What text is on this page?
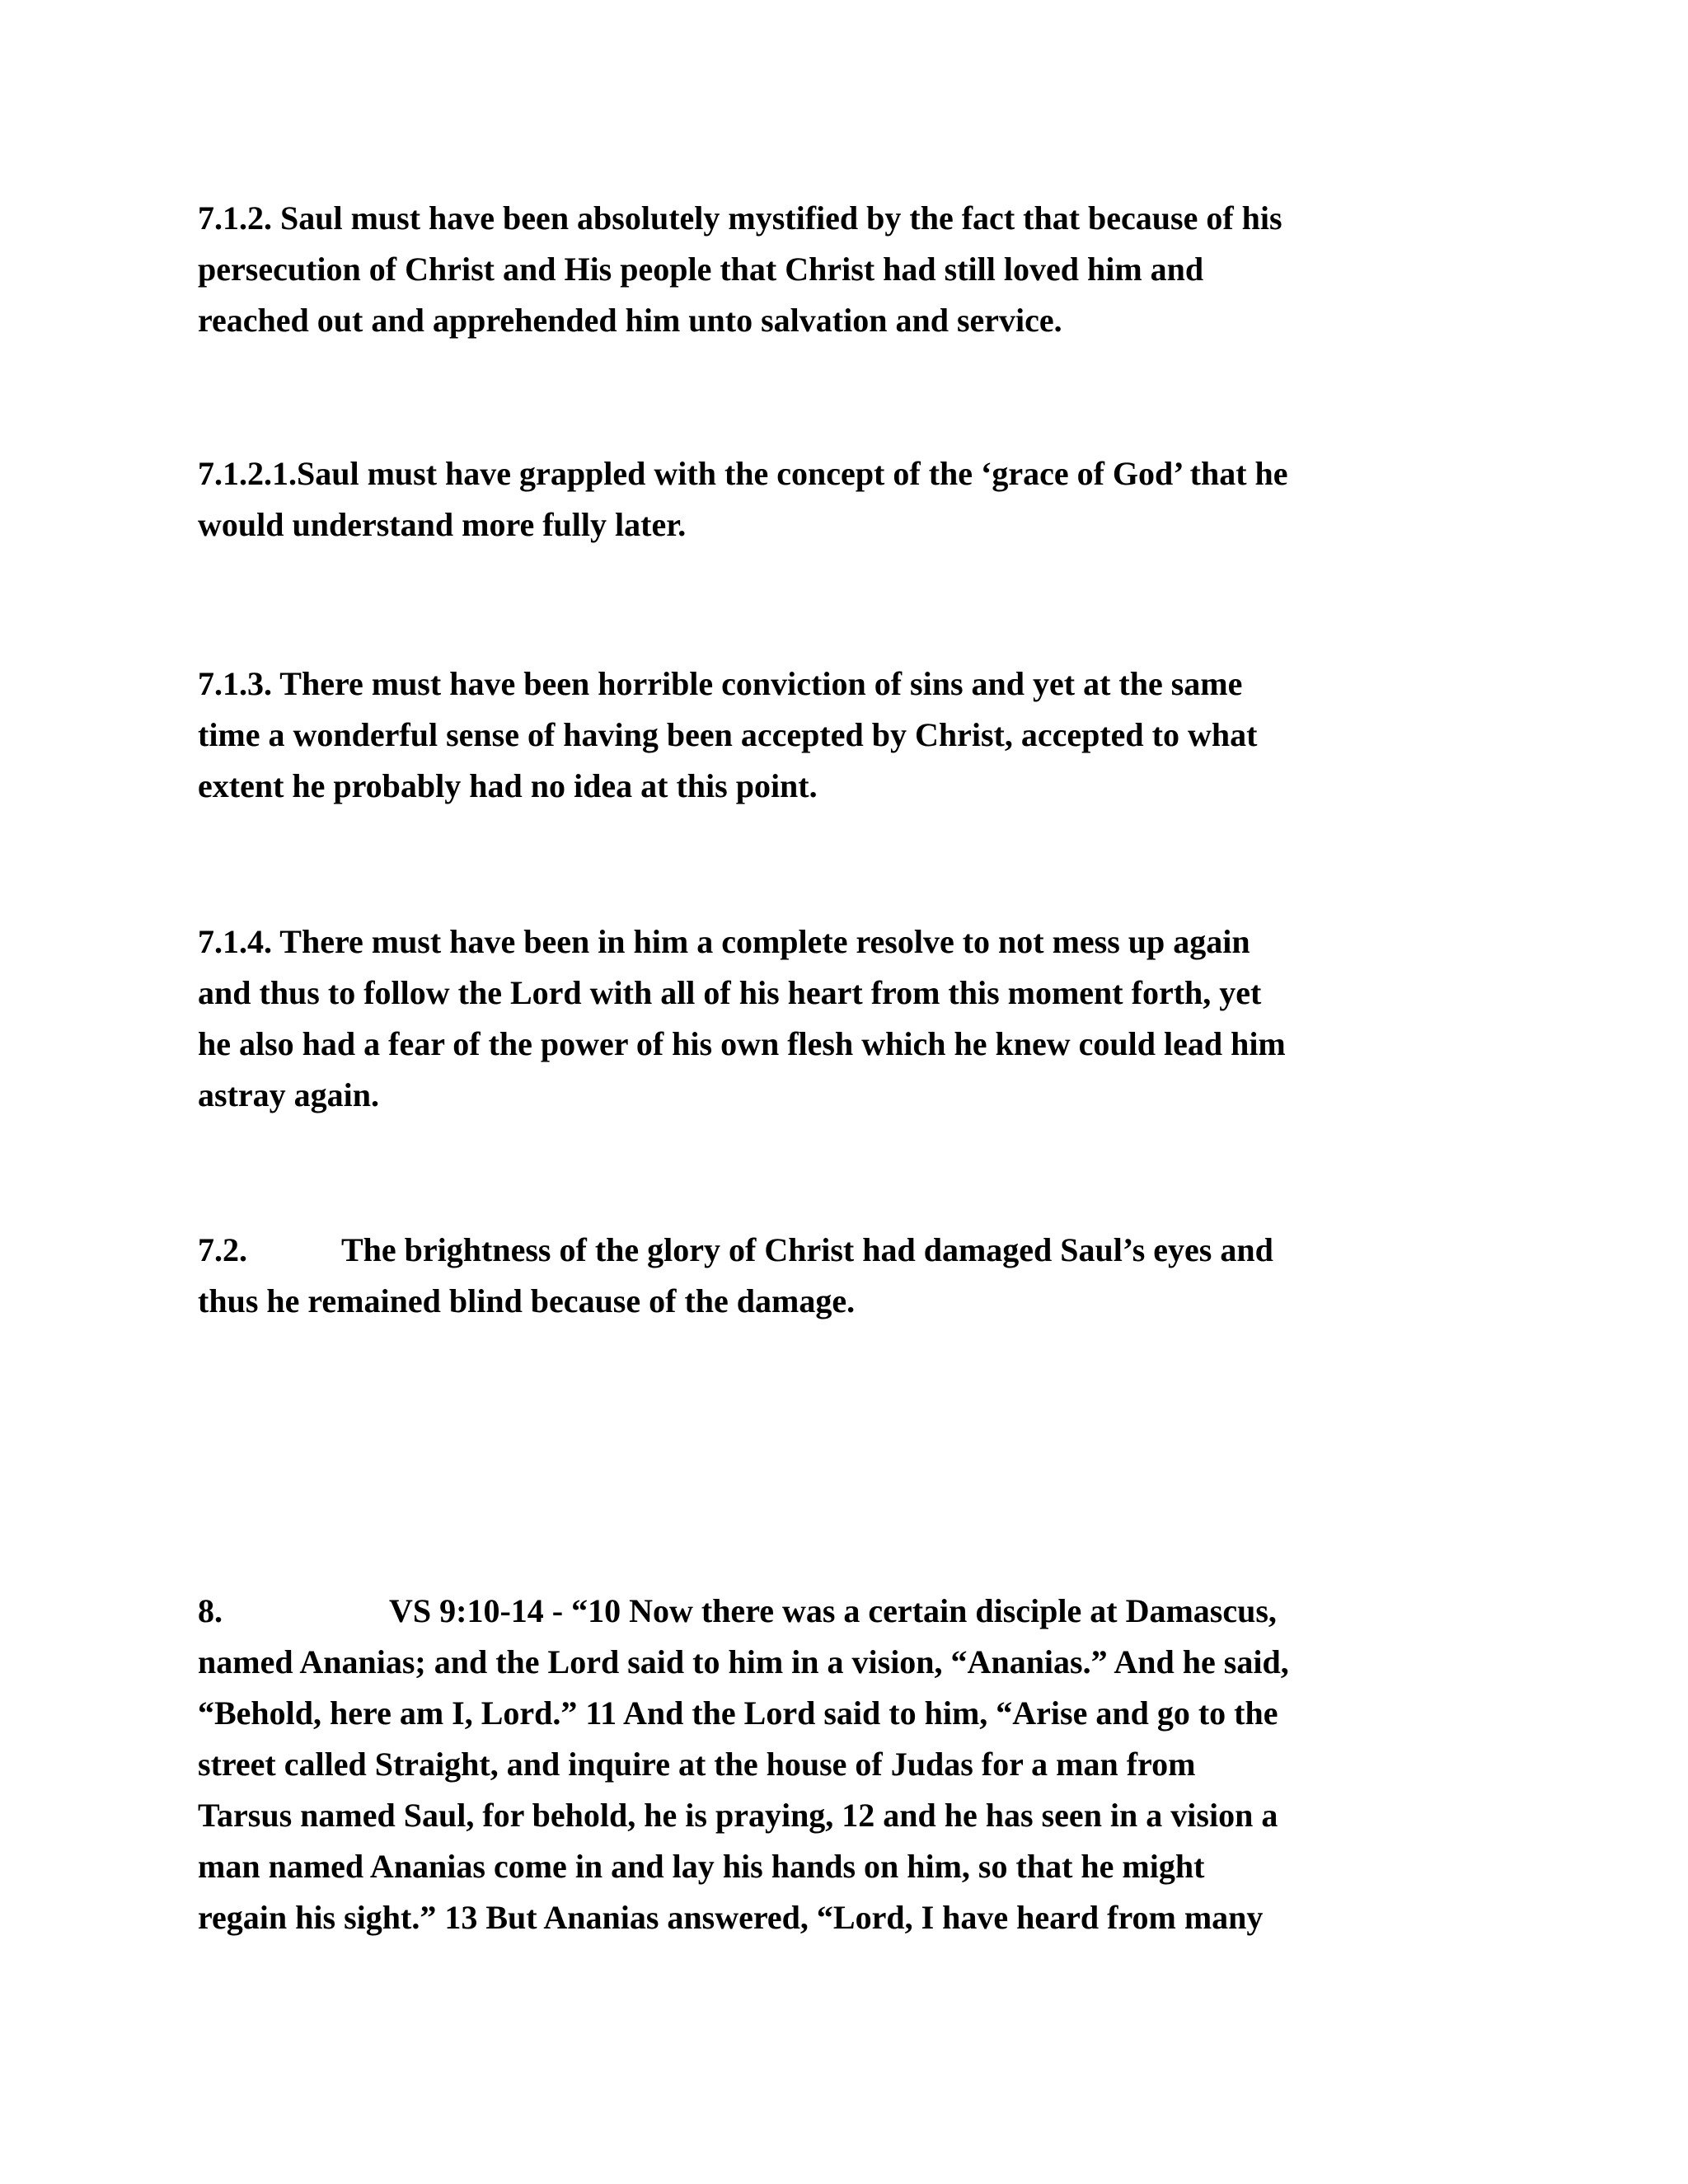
7.1.2. Saul must have been absolutely mystified by the fact that because of his
persecution of Christ and His people that Christ had still loved him and
reached out and apprehended him unto salvation and service.

7.1.2.1.Saul must have grappled with the concept of the ‘grace of God’ that he
would understand more fully later.

7.1.3. There must have been horrible conviction of sins and yet at the same
time a wonderful sense of having been accepted by Christ, accepted to what
extent he probably had no idea at this point.

7.1.4. There must have been in him a complete resolve to not mess up again
and thus to follow the Lord with all of his heart from this moment forth, yet
he also had a fear of the power of his own flesh which he knew could lead him
astray again.

7.2.	The brightness of the glory of Christ had damaged Saul’s eyes and
thus he remained blind because of the damage.

8.	VS 9:10-14 - “10 Now there was a certain disciple at Damascus,
named Ananias; and the Lord said to him in a vision, “Ananias.” And he said,
“Behold, here am I, Lord.” 11 And the Lord said to him, “Arise and go to the
street called Straight, and inquire at the house of Judas for a man from
Tarsus named Saul, for behold, he is praying, 12 and he has seen in a vision a
man named Ananias come in and lay his hands on him, so that he might
regain his sight.” 13 But Ananias answered, “Lord, I have heard from many
